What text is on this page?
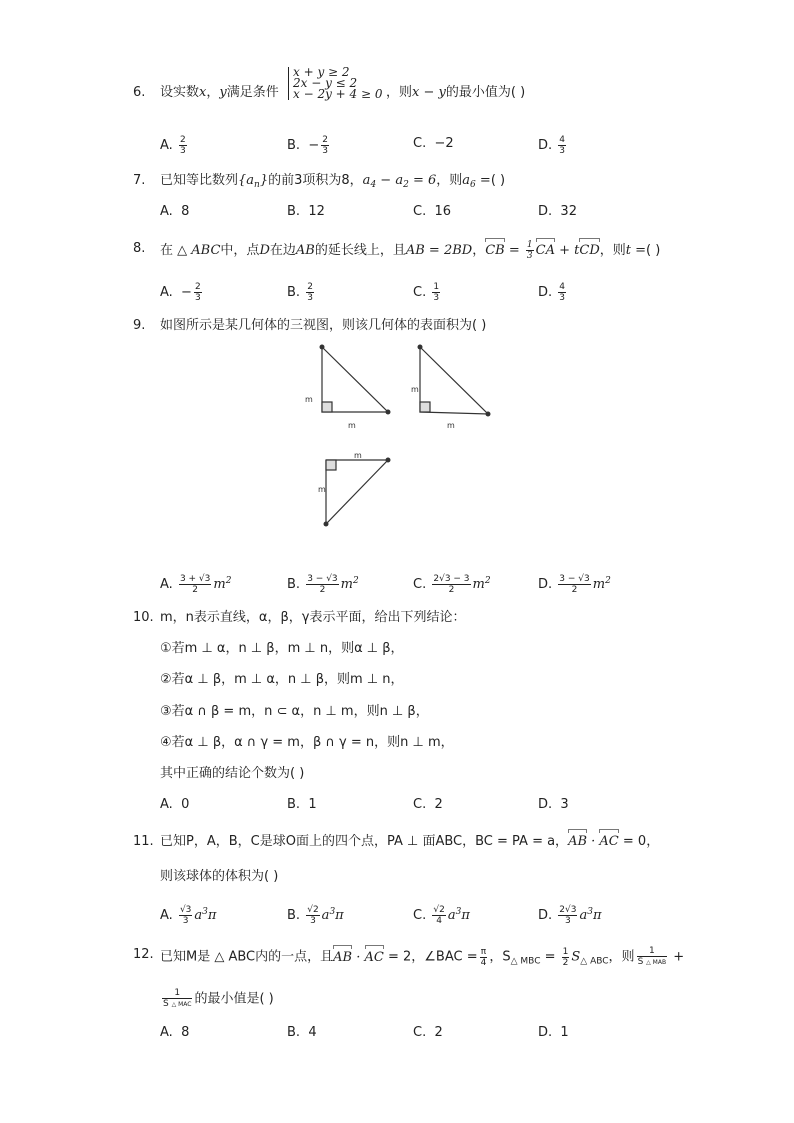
6. 设实数x，y满足条件
x + y ≥ 2
2x − y ≤ 2
x − 2y + 4 ≥ 0 ，则x − y的最小值为( )
A. $\frac{2}{3}$	B.  − $\frac{2}{3}$	C. −2	D. $\frac{4}{3}$
7. 已知等比数列$\{a_n\}$的前3项积为8，$a_4 - a_2 = 6$，则$a_6$ =( )
A. 8	B. 12	C. 16	D. 32
8. 在 △ ABC中，点D在边AB的延长线上，且AB = 2BD，CB = $\frac{1}{3}$ CA + tCD，则t =( )
A.  − $\frac{2}{3}$	B. $\frac{2}{3}$	C. $\frac{1}{3}$	D. $\frac{4}{3}$
9. 如图所示是某几何体的三视图，则该几何体的表面积为( )
m
m
m
m
m
m
A. $\frac{3 + √3}{2} m^2$	B. $\frac{3 - √3}{2} m^2$	C. $\frac{2√3 - 3}{2} m^2$	D. $\frac{3 - √3}{2} m^2$
10. m，n表示直线，α，β，γ表示平面，给出下列结论：
①若m ⊥ α，n ⊥ β，m ⊥ n，则α ⊥ β，
②若α ⊥ β，m ⊥ α，n ⊥ β，则m ⊥ n，
③若α ∩ β = m，n ⊂ α，n ⊥ m，则n ⊥ β，
④若α ⊥ β，α ∩ γ = m，β ∩ γ = n，则n ⊥ m，
其中正确的结论个数为( )
A. 0	B. 1	C. 2	D. 3
11. 已知P，A，B，C是球O面上的四个点，PA ⊥ 面ABC，BC = PA = a，AB · AC = 0，
则该球体的体积为( )
A. $\frac{√3}{3} a^3\pi$	B. $\frac{√2}{3} a^3\pi$	C. $\frac{√2}{4} a^3\pi$	D. $\frac{2√3}{3} a^3\pi$
12. 已知M是 △ ABC内的一点，且AB · AC = 2，∠BAC = $\frac{\pi}{4}$ ，$S_{\triangle MBC} = \frac{1}{2} S_{\triangle ABC}$，则 $\frac{1}{\text{S △ MAB}}$ +
$\frac{1}{\text{S △ MAC}}$ 的最小值是( )
A. 8	B. 4	C. 2	D. 1
